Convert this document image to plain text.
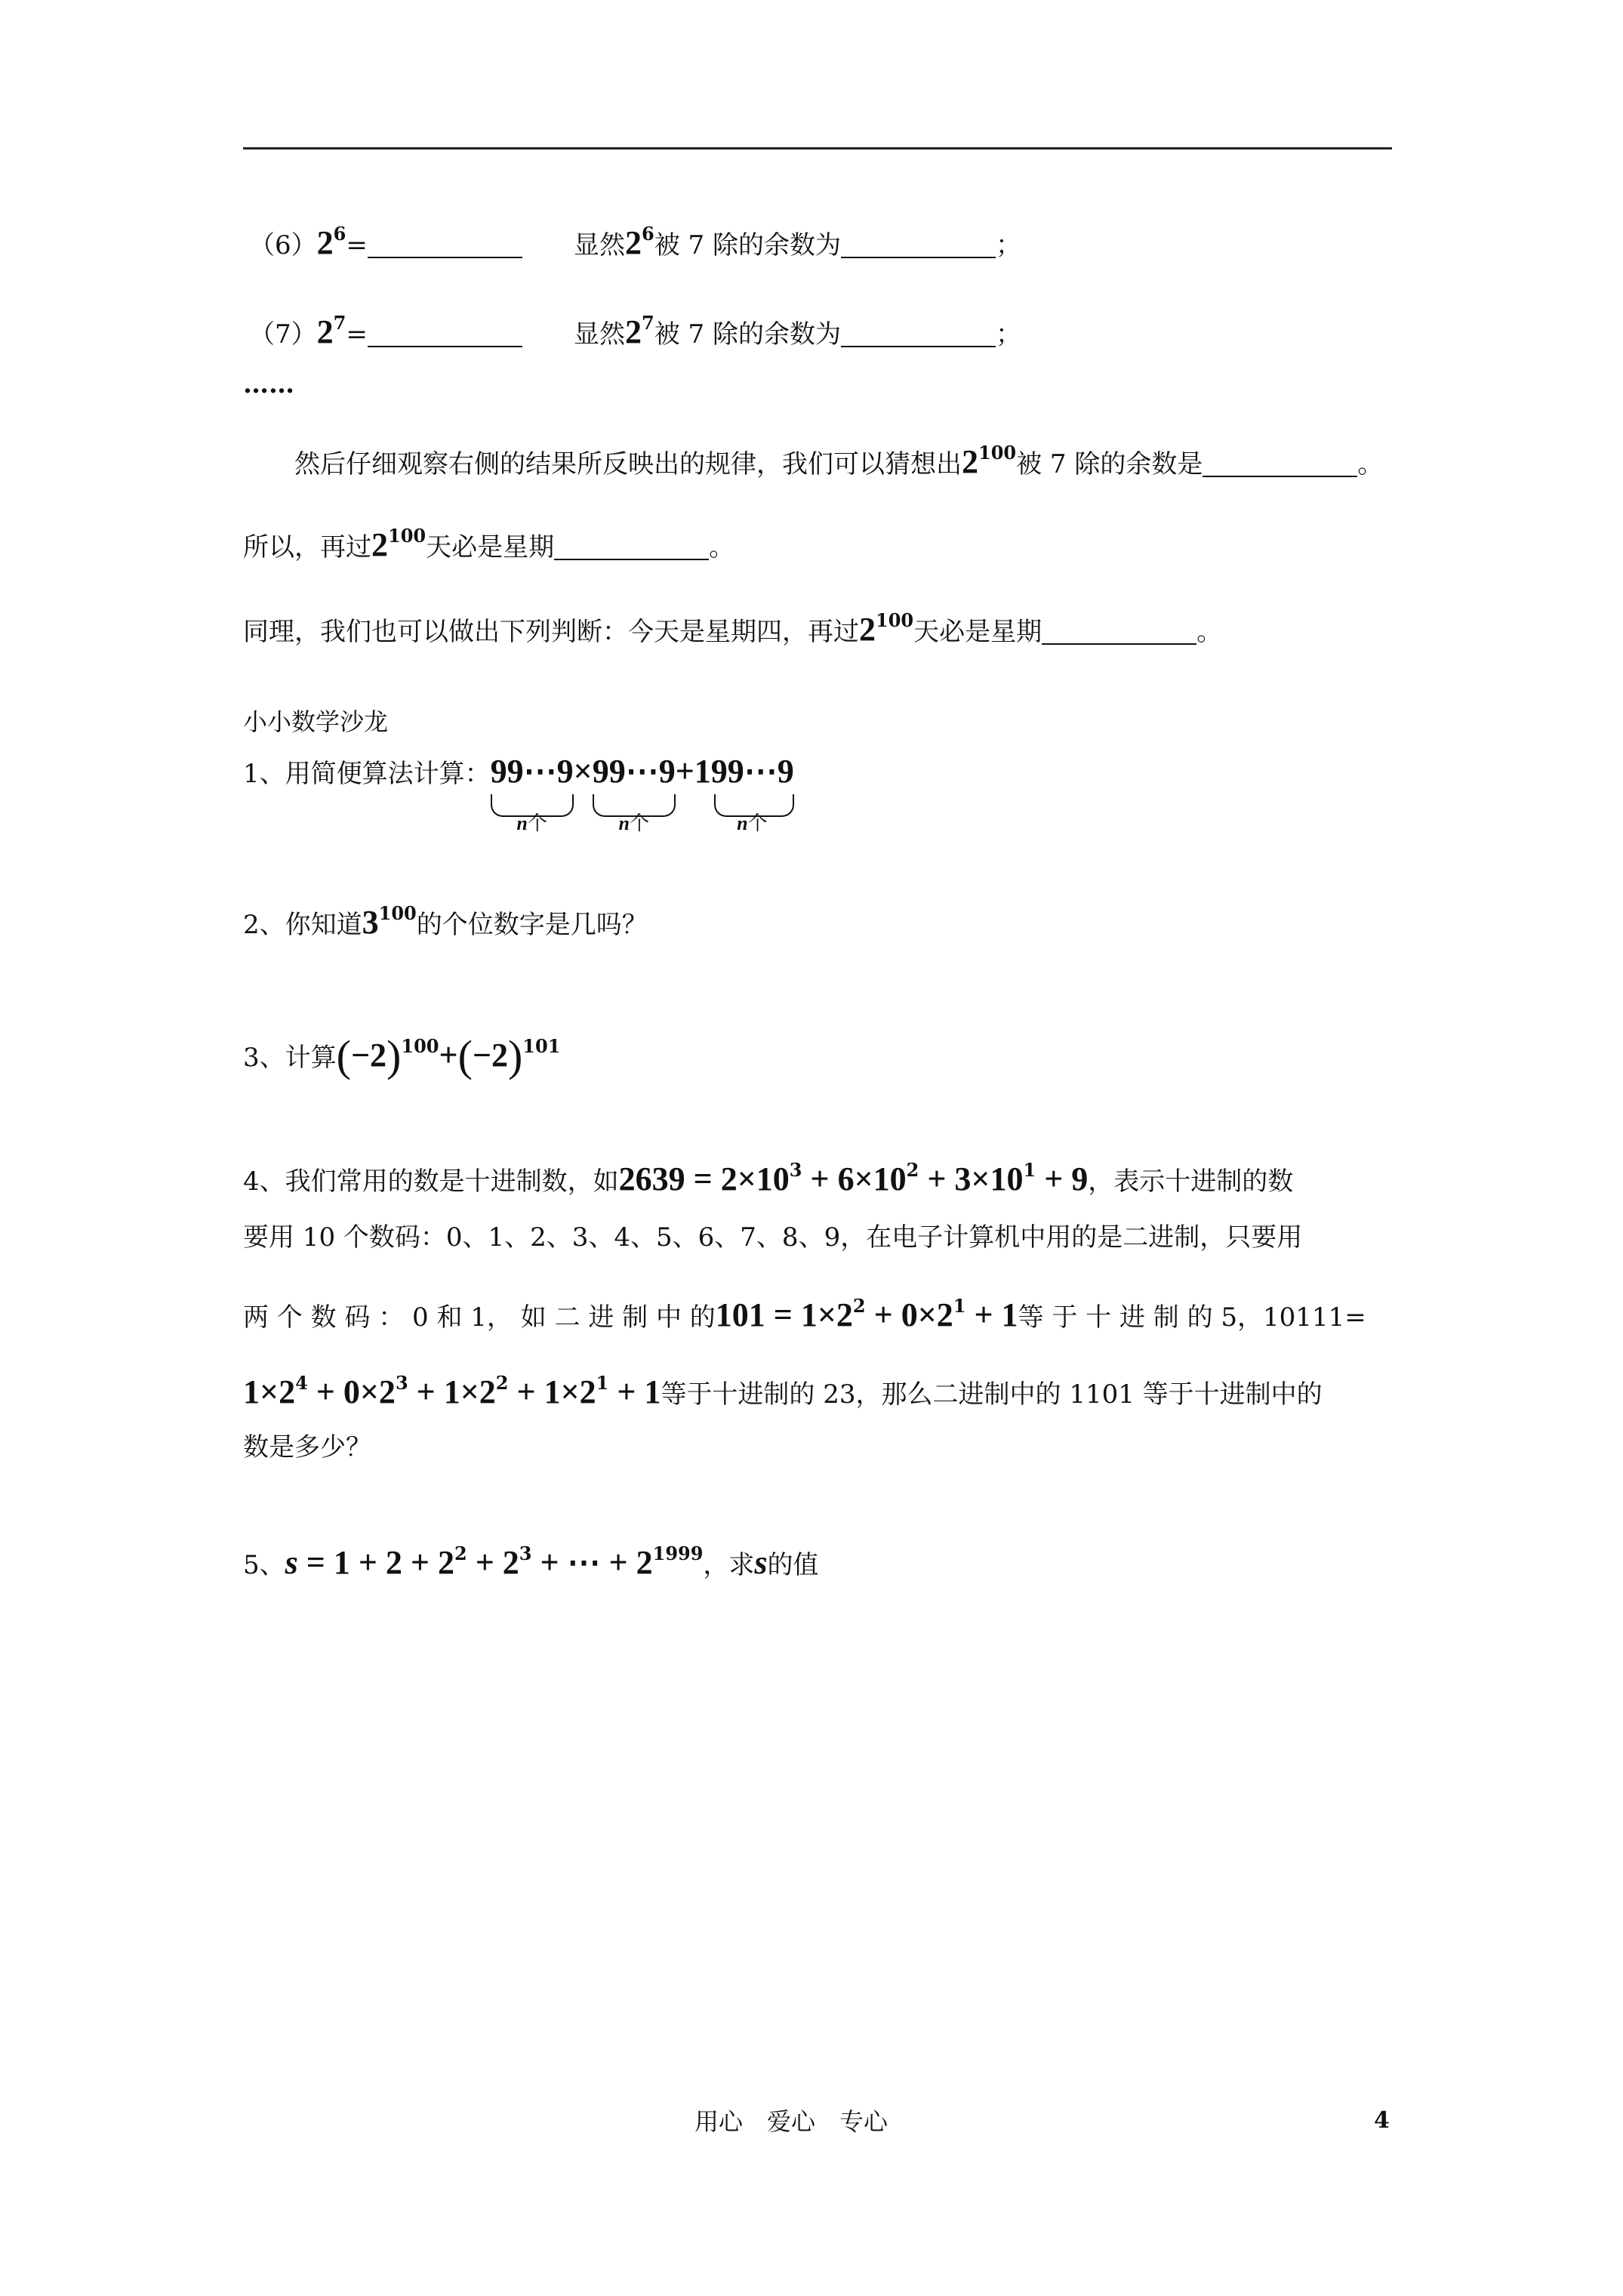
$(6)2^6=$	显然$2^6$被 7 除的余数为	；
$(7)2^7=$	显然$2^7$被 7 除的余数为	；
……
然后仔细观察右侧的结果所反映出的规律，我们可以猜想出$2^{100}$被 7 除的余数是	。
所以，再过$2^{100}$天必是星期	。
同理，我们也可以做出下列判断：今天是星期四，再过$2^{100}$天必是星期	。
小小数学沙龙
1、用简便算法计算：99⋯9
n个
×99⋯9
n个
+199⋯9
n个
2、你知道$3^{100}$的个位数字是几吗？
3、计算$(-2)^{100}+(-2)^{101}$
4、我们常用的数是十进制数，如$2639 = 2\times 10^3 + 6\times 10^2 + 3\times 10^1 + 9$，表示十进制的数
要用 10 个数码：0、1、2、3、4、5、6、7、8、9，在电子计算机中用的是二进制，只要用
两 个 数 码 ： 0 和 1， 如 二 进 制 中 的$101 = 1\times 2^2 + 0\times 2^1 + 1$等 于 十 进 制 的 5，10111=
$1\times 2^4 + 0\times 2^3 + 1\times 2^2 + 1\times 2^1 + 1$等于十进制的 23，那么二进制中的 1101 等于十进制中的
数是多少？
5、$s = 1 + 2 + 2^2 + 2^3$ + ⋯ + $2^{1999}$，求s的值
用心　爱心　专心	4
